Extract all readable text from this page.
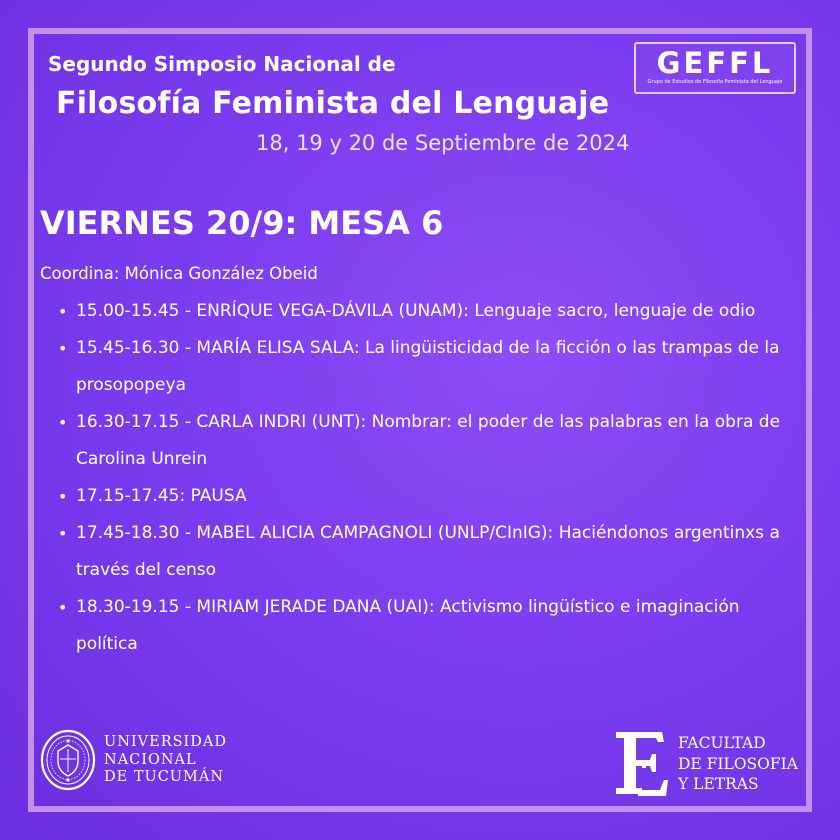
Segundo Simposio Nacional de

Filosofía Feminista del Lenguaje

18, 19 y 20 de Septiembre de 2024

GEFFL
Grupo de Estudios de Filosofía Feminista del Lenguaje
VIERNES 20/9: MESA 6

Coordina: Mónica González Obeid

• 15.00-15.45 - ENRÍQUE VEGA-DÁVILA (UNAM): Lenguaje sacro, lenguaje de odio
• 15.45-16.30 - MARÍA ELISA SALA: La lingüisticidad de la ficción o las trampas de la prosopopeya
• 16.30-17.15 - CARLA INDRI (UNT): Nombrar: el poder de las palabras en la obra de Carolina Unrein
• 17.15-17.45: PAUSA
• 17.45-18.30 - MABEL ALICIA CAMPAGNOLI (UNLP/CInIG): Haciéndonos argentinxs a través del censo
• 18.30-19.15 - MIRIAM JERADE DANA (UAI): Activismo lingüístico e imaginación política
UNIVERSIDAD
NACIONAL
DE TUCUMÁN
FACULTAD
DE FILOSOFIA
Y LETRAS
